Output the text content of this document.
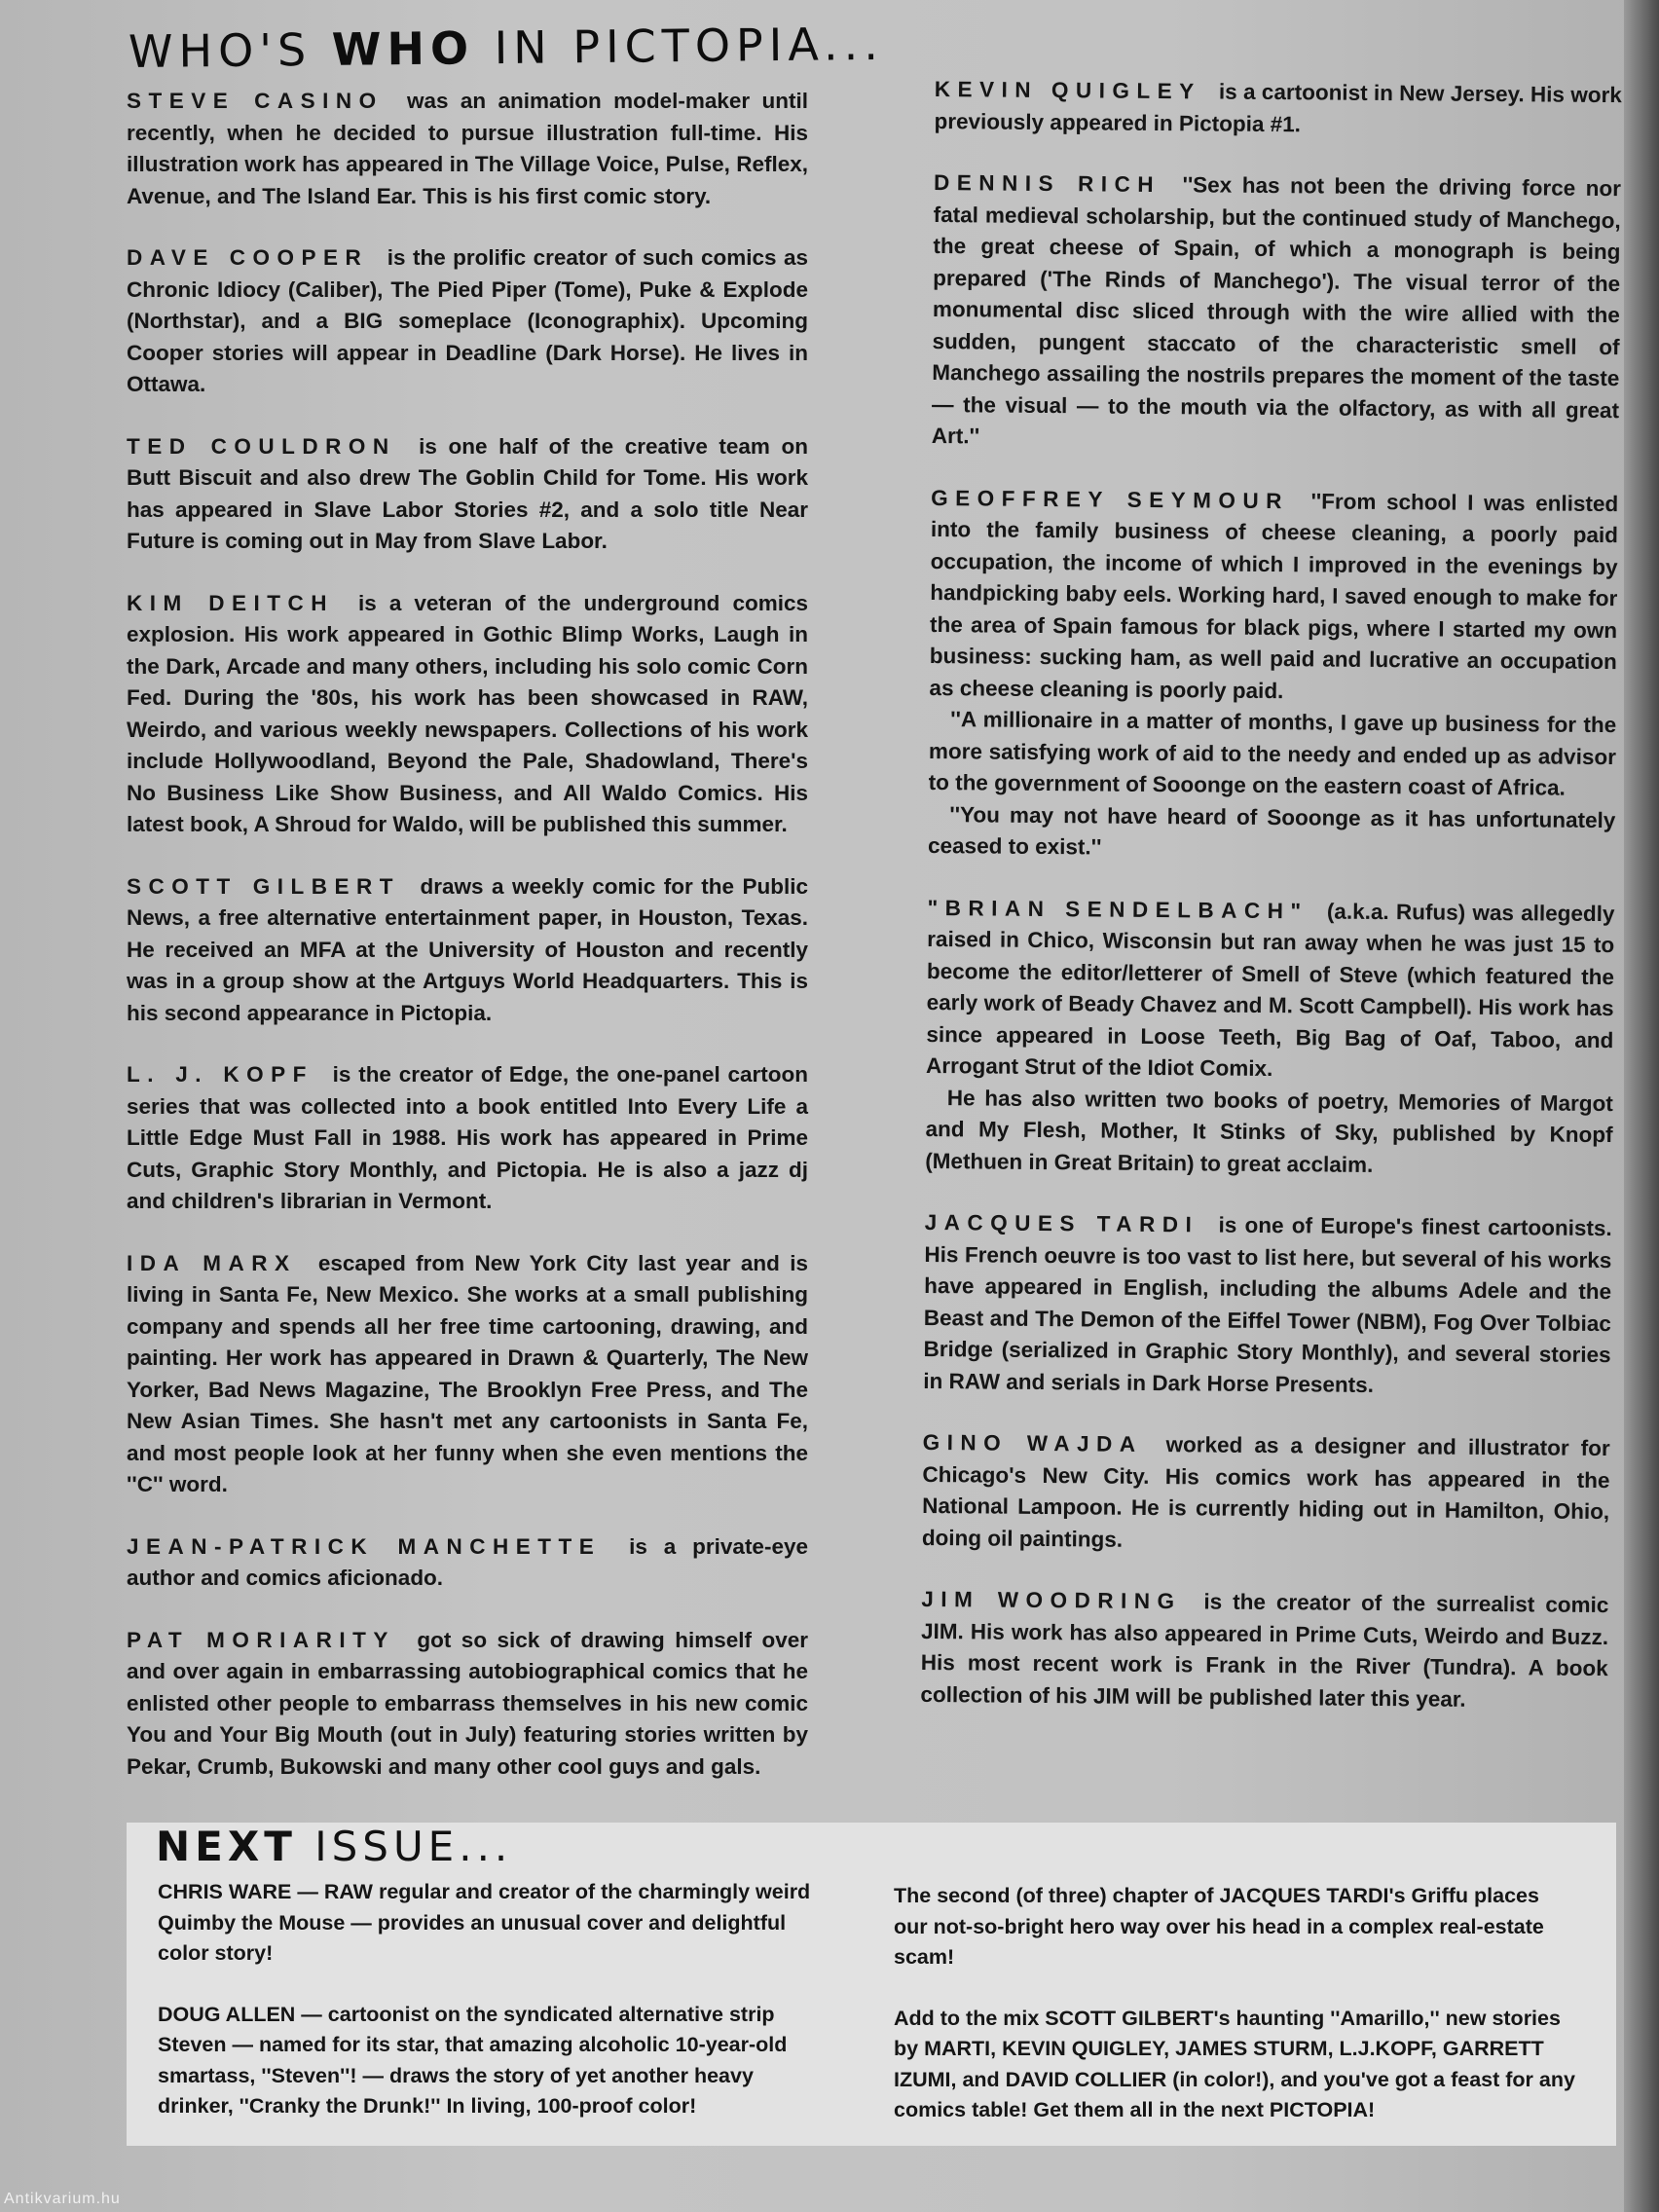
WHO'S WHO IN PICTOPIA...

STEVE CASINO was an animation model-maker until recently, when he decided to pursue illustration full-time. His illustration work has appeared in The Village Voice, Pulse, Reflex, Avenue, and The Island Ear. This is his first comic story.

DAVE COOPER is the prolific creator of such comics as Chronic Idiocy (Caliber), The Pied Piper (Tome), Puke & Explode (Northstar), and a BIG someplace (Iconographix). Upcoming Cooper stories will appear in Deadline (Dark Horse). He lives in Ottawa.

TED COULDRON is one half of the creative team on Butt Biscuit and also drew The Goblin Child for Tome. His work has appeared in Slave Labor Stories #2, and a solo title Near Future is coming out in May from Slave Labor.

KIM DEITCH is a veteran of the underground comics explosion. His work appeared in Gothic Blimp Works, Laugh in the Dark, Arcade and many others, including his solo comic Corn Fed. During the '80s, his work has been showcased in RAW, Weirdo, and various weekly newspapers. Collections of his work include Hollywoodland, Beyond the Pale, Shadowland, There's No Business Like Show Business, and All Waldo Comics. His latest book, A Shroud for Waldo, will be published this summer.

SCOTT GILBERT draws a weekly comic for the Public News, a free alternative entertainment paper, in Houston, Texas. He received an MFA at the University of Houston and recently was in a group show at the Artguys World Headquarters. This is his second appearance in Pictopia.

L. J. KOPF is the creator of Edge, the one-panel cartoon series that was collected into a book entitled Into Every Life a Little Edge Must Fall in 1988. His work has appeared in Prime Cuts, Graphic Story Monthly, and Pictopia. He is also a jazz dj and children's librarian in Vermont.

IDA MARX escaped from New York City last year and is living in Santa Fe, New Mexico. She works at a small publishing company and spends all her free time cartooning, drawing, and painting. Her work has appeared in Drawn & Quarterly, The New Yorker, Bad News Magazine, The Brooklyn Free Press, and The New Asian Times. She hasn't met any cartoonists in Santa Fe, and most people look at her funny when she even mentions the ''C'' word.

JEAN-PATRICK MANCHETTE is a private-eye author and comics aficionado.

PAT MORIARITY got so sick of drawing himself over and over again in embarrassing autobiographical comics that he enlisted other people to embarrass themselves in his new comic You and Your Big Mouth (out in July) featuring stories written by Pekar, Crumb, Bukowski and many other cool guys and gals.

KEVIN QUIGLEY is a cartoonist in New Jersey. His work previously appeared in Pictopia #1.

DENNIS RICH ''Sex has not been the driving force nor fatal medieval scholarship, but the continued study of Manchego, the great cheese of Spain, of which a monograph is being prepared ('The Rinds of Manchego'). The visual terror of the monumental disc sliced through with the wire allied with the sudden, pungent staccato of the characteristic smell of Manchego assailing the nostrils prepares the moment of the taste — the visual — to the mouth via the olfactory, as with all great Art.''

GEOFFREY SEYMOUR ''From school I was enlisted into the family business of cheese cleaning, a poorly paid occupation, the income of which I improved in the evenings by handpicking baby eels. Working hard, I saved enough to make for the area of Spain famous for black pigs, where I started my own business: sucking ham, as well paid and lucrative an occupation as cheese cleaning is poorly paid.

''A millionaire in a matter of months, I gave up business for the more satisfying work of aid to the needy and ended up as advisor to the government of Sooonge on the eastern coast of Africa.

''You may not have heard of Sooonge as it has unfortunately ceased to exist.''

"BRIAN SENDELBACH" (a.k.a. Rufus) was allegedly raised in Chico, Wisconsin but ran away when he was just 15 to become the editor/letterer of Smell of Steve (which featured the early work of Beady Chavez and M. Scott Campbell). His work has since appeared in Loose Teeth, Big Bag of Oaf, Taboo, and Arrogant Strut of the Idiot Comix.

He has also written two books of poetry, Memories of Margot and My Flesh, Mother, It Stinks of Sky, published by Knopf (Methuen in Great Britain) to great acclaim.

JACQUES TARDI is one of Europe's finest cartoonists. His French oeuvre is too vast to list here, but several of his works have appeared in English, including the albums Adele and the Beast and The Demon of the Eiffel Tower (NBM), Fog Over Tolbiac Bridge (serialized in Graphic Story Monthly), and several stories in RAW and serials in Dark Horse Presents.

GINO WAJDA worked as a designer and illustrator for Chicago's New City. His comics work has appeared in the National Lampoon. He is currently hiding out in Hamilton, Ohio, doing oil paintings.

JIM WOODRING is the creator of the surrealist comic JIM. His work has also appeared in Prime Cuts, Weirdo and Buzz. His most recent work is Frank in the River (Tundra). A book collection of his JIM will be published later this year.

NEXT ISSUE...

CHRIS WARE — RAW regular and creator of the charmingly weird Quimby the Mouse — provides an unusual cover and delightful color story!

DOUG ALLEN — cartoonist on the syndicated alternative strip Steven — named for its star, that amazing alcoholic 10-year-old smartass, ''Steven''! — draws the story of yet another heavy drinker, ''Cranky the Drunk!'' In living, 100-proof color!

The second (of three) chapter of JACQUES TARDI's Griffu places our not-so-bright hero way over his head in a complex real-estate scam!

Add to the mix SCOTT GILBERT's haunting ''Amarillo,'' new stories by MARTI, KEVIN QUIGLEY, JAMES STURM, L.J.KOPF, GARRETT IZUMI, and DAVID COLLIER (in color!), and you've got a feast for any comics table! Get them all in the next PICTOPIA!

Antikvarium.hu
